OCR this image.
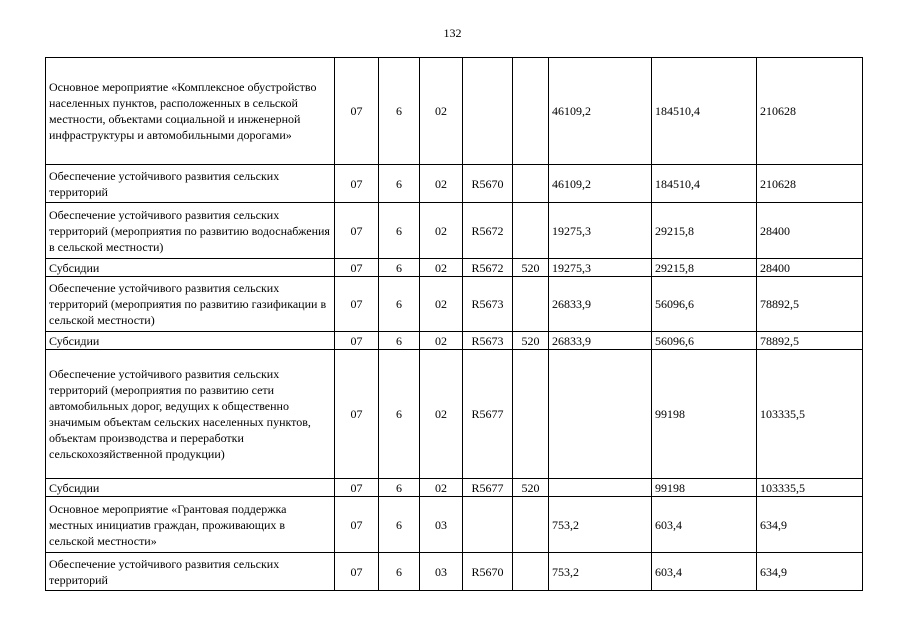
132
Основное мероприятие «Комплексное обустройство населенных пунктов, расположенных в сельской местности, объектами социальной и инженерной инфраструктуры и автомобильными дорогами»	07	6	02			46109,2	184510,4	210628
Обеспечение устойчивого развития сельских территорий	07	6	02	R5670		46109,2	184510,4	210628
Обеспечение устойчивого развития сельских территорий (мероприятия по развитию водоснабжения в сельской местности)	07	6	02	R5672		19275,3	29215,8	28400
Субсидии	07	6	02	R5672	520	19275,3	29215,8	28400
Обеспечение устойчивого развития сельских территорий (мероприятия по развитию газификации в сельской местности)	07	6	02	R5673		26833,9	56096,6	78892,5
Субсидии	07	6	02	R5673	520	26833,9	56096,6	78892,5
Обеспечение устойчивого развития сельских территорий (мероприятия по развитию сети автомобильных дорог, ведущих к общественно значимым объектам сельских населенных пунктов, объектам производства и переработки сельскохозяйственной продукции)	07	6	02	R5677			99198	103335,5
Субсидии	07	6	02	R5677	520		99198	103335,5
Основное мероприятие «Грантовая поддержка местных инициатив граждан, проживающих в сельской местности»	07	6	03			753,2	603,4	634,9
Обеспечение устойчивого развития сельских территорий	07	6	03	R5670		753,2	603,4	634,9
